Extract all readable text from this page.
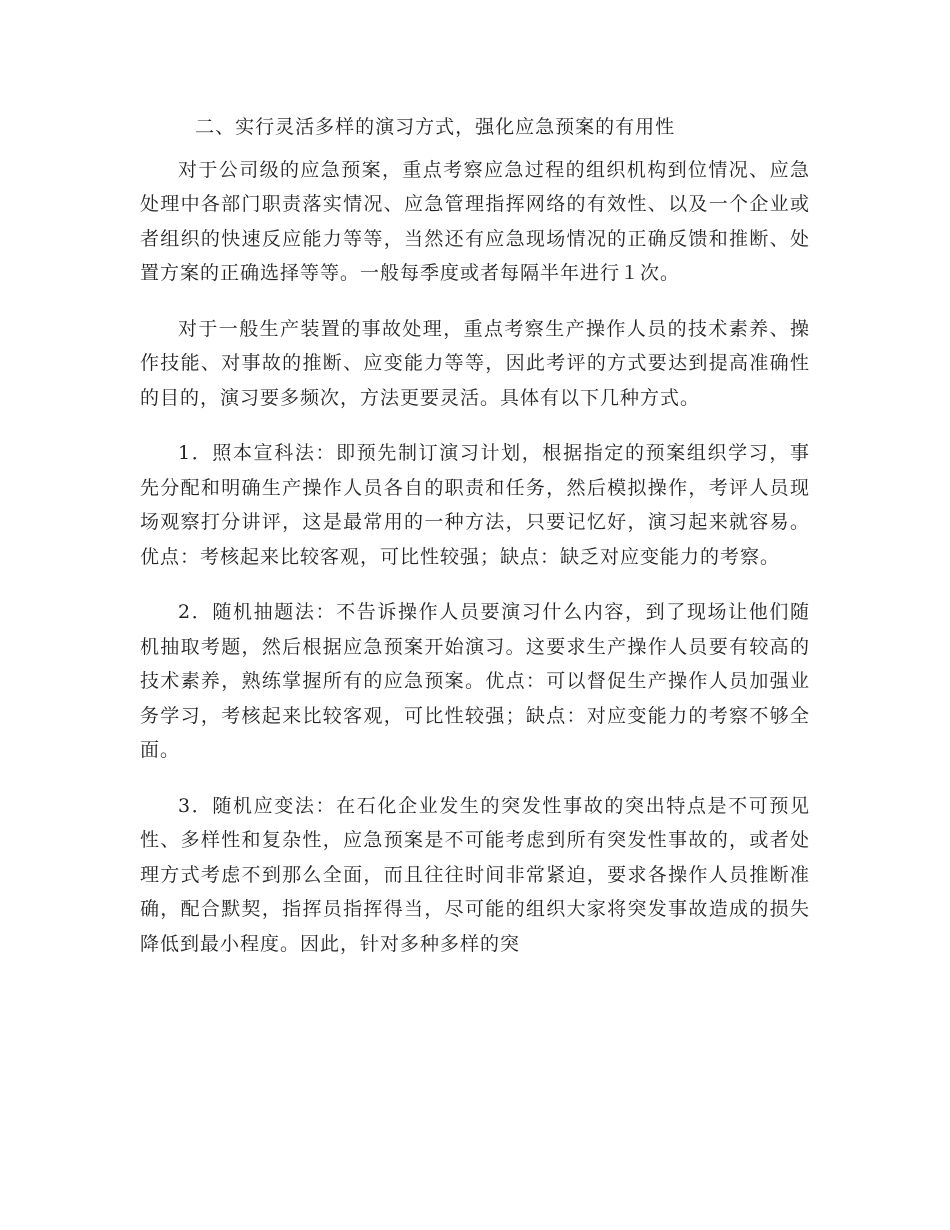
二、实行灵活多样的演习方式，强化应急预案的有用性

对于公司级的应急预案，重点考察应急过程的组织机构到位情况、应急处理中各部门职责落实情况、应急管理指挥网络的有效性、以及一个企业或者组织的快速反应能力等等，当然还有应急现场情况的正确反馈和推断、处置方案的正确选择等等。一般每季度或者每隔半年进行１次。

对于一般生产装置的事故处理，重点考察生产操作人员的技术素养、操作技能、对事故的推断、应变能力等等，因此考评的方式要达到提高准确性的目的，演习要多频次，方法更要灵活。具体有以下几种方式。

1．照本宣科法：即预先制订演习计划，根据指定的预案组织学习，事先分配和明确生产操作人员各自的职责和任务，然后模拟操作，考评人员现场观察打分讲评，这是最常用的一种方法，只要记忆好，演习起来就容易。优点：考核起来比较客观，可比性较强；缺点：缺乏对应变能力的考察。

2．随机抽题法：不告诉操作人员要演习什么内容，到了现场让他们随机抽取考题，然后根据应急预案开始演习。这要求生产操作人员要有较高的技术素养，熟练掌握所有的应急预案。优点：可以督促生产操作人员加强业务学习，考核起来比较客观，可比性较强；缺点：对应变能力的考察不够全面。

3．随机应变法：在石化企业发生的突发性事故的突出特点是不可预见性、多样性和复杂性，应急预案是不可能考虑到所有突发性事故的，或者处理方式考虑不到那么全面，而且往往时间非常紧迫，要求各操作人员推断准确，配合默契，指挥员指挥得当，尽可能的组织大家将突发事故造成的损失降低到最小程度。因此，针对多种多样的突
